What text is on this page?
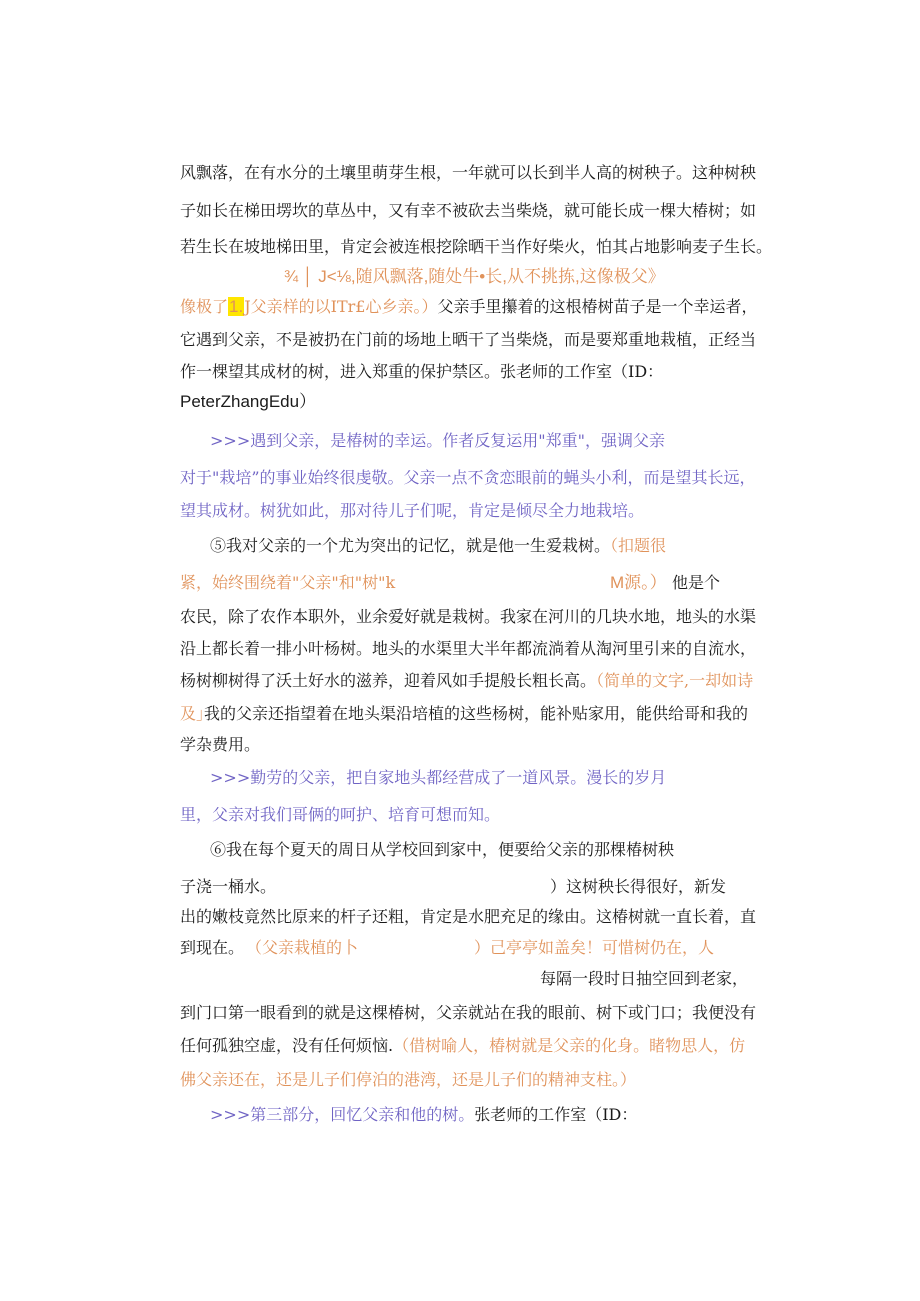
风飘落，在有水分的土壤里萌芽生根，一年就可以长到半人高的树秧子。这种树秧
子如长在梯田塄坎的草丛中，又有幸不被砍去当柴烧，就可能长成一棵大椿树；如
若生长在坡地梯田里，肯定会被连根挖除晒干当作好柴火，怕其占地影响麦子生长。
¾ │ J<⅛,随风飘落,随处牛•长,从不挑拣,这像极父》
像极了1.J父亲样的以ITr£心乡亲。）父亲手里攥着的这根椿树苗子是一个幸运者，
它遇到父亲，不是被扔在门前的场地上晒干了当柴烧，而是要郑重地栽植，正经当
作一棵望其成材的树，进入郑重的保护禁区。张老师的工作室（ID：
PeterZhangEdu）
>>>遇到父亲，是椿树的幸运。作者反复运用"郑重"，强调父亲
对于"栽培”的事业始终很虔敬。父亲一点不贪恋眼前的蝇头小利，而是望其长远，
望其成材。树犹如此，那对待儿子们呢，肯定是倾尽全力地栽培。
⑤我对父亲的一个尤为突出的记忆，就是他一生爱栽树。（扣题很
紧，始终围绕着"父亲"和"树"k	M源。） 他是个
农民，除了农作本职外，业余爱好就是栽树。我家在河川的几块水地，地头的水渠
沿上都长着一排小叶杨树。地头的水渠里大半年都流淌着从淘河里引来的自流水，
杨树柳树得了沃土好水的滋养，迎着风如手提般长粗长高。（简单的文字,一却如诗
及｣我的父亲还指望着在地头渠沿培植的这些杨树，能补贴家用，能供给哥和我的
学杂费用。
>>>勤劳的父亲，把自家地头都经营成了一道风景。漫长的岁月
里，父亲对我们哥俩的呵护、培育可想而知。
⑥我在每个夏天的周日从学校回到家中，便要给父亲的那棵椿树秧
子浇一桶水。	）这树秧长得很好，新发
出的嫩枝竟然比原来的杆子还粗，肯定是水肥充足的缘由。这椿树就一直长着，直
到现在。 （父亲栽植的卜	）己亭亭如盖矣！可惜树仍在，人
每隔一段时日抽空回到老家，
到门口第一眼看到的就是这棵椿树，父亲就站在我的眼前、树下或门口；我便没有
任何孤独空虚，没有任何烦恼.（借树喻人，椿树就是父亲的化身。睹物思人，仿
佛父亲还在，还是儿子们停泊的港湾，还是儿子们的精神支柱。）
>>>第三部分，回忆父亲和他的树。张老师的工作室（ID：
